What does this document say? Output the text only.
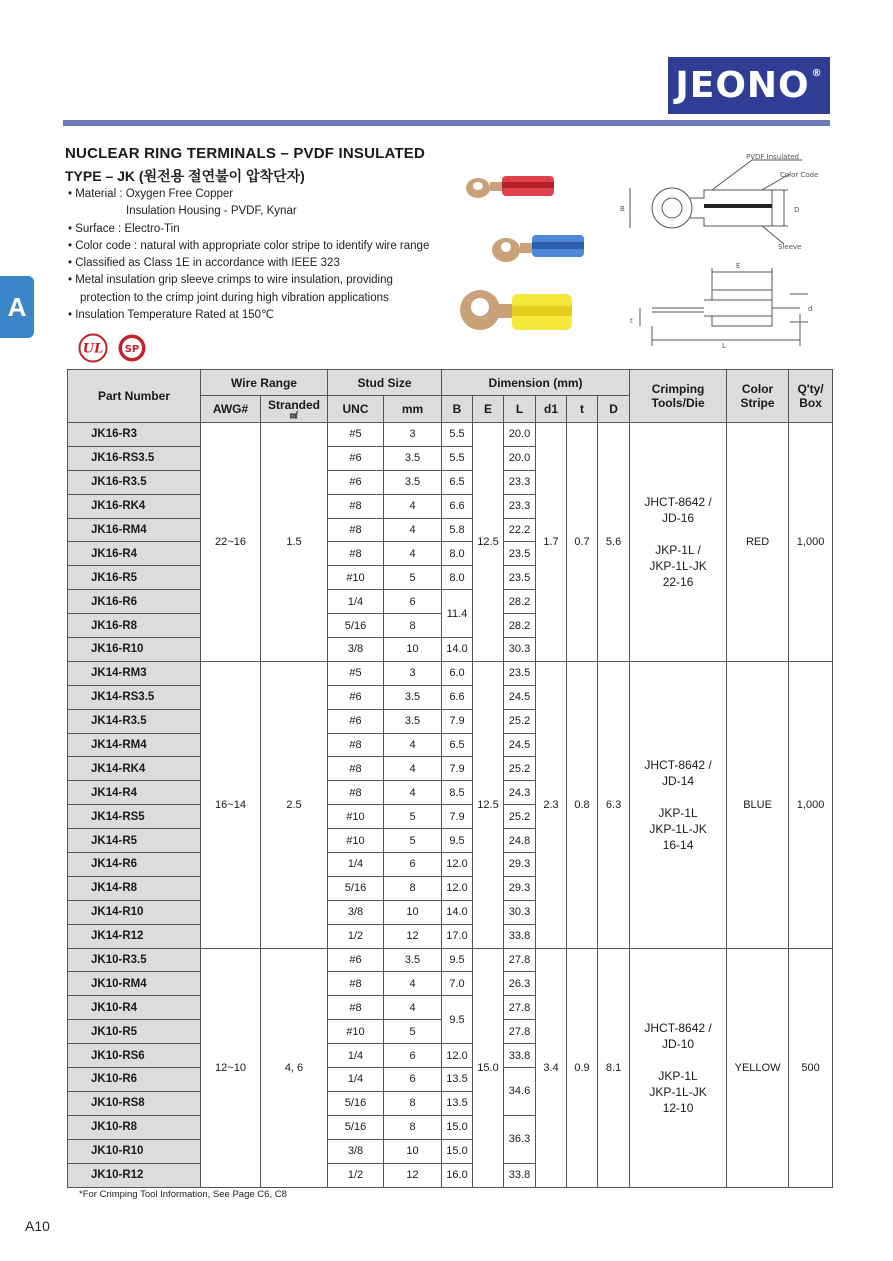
JEONO®
A
NUCLEAR RING TERMINALS – PVDF INSULATED
TYPE – JK (원전용 절연불이 압착단자)
• Material : Oxygen Free Copper
Insulation Housing - PVDF, Kynar
• Surface : Electro-Tin
• Color code : natural with appropriate color stripe to identify wire range
• Classified as Class 1E in accordance with IEEE 323
• Metal insulation grip sleeve crimps to wire insulation, providing
protection to the crimp joint during high vibration applications
• Insulation Temperature Rated at 150℃
UL SP
PVDF Insulated
Color Code
Sleeve
B	D
E
d
t
L
Part Number	Wire Range		Stud Size		Dimension (mm)						Crimping
Tools/Die	Color
Stripe	Q'ty/
Box
	AWG#	Stranded
㎟	UNC	mm	B	E	L	d1	t	D			
JK16-R3	22~16	1.5	#5	3	5.5	12.5	20.0	1.7	0.7	5.6	JHCT-8642 /
JD-16

JKP-1L /
JKP-1L-JK
22-16	RED	1,000
JK16-RS3.5			#6	3.5	5.5		20.0						
JK16-R3.5			#6	3.5	6.5		23.3						
JK16-RK4			#8	4	6.6		23.3						
JK16-RM4			#8	4	5.8		22.2						
JK16-R4			#8	4	8.0		23.5						
JK16-R5			#10	5	8.0		23.5						
JK16-R6			1/4	6	11.4		28.2						
JK16-R8			5/16	8			28.2						
JK16-R10			3/8	10	14.0		30.3						
JK14-RM3	16~14	2.5	#5	3	6.0	12.5	23.5	2.3	0.8	6.3	JHCT-8642 /
JD-14

JKP-1L
JKP-1L-JK
16-14	BLUE	1,000
JK14-RS3.5			#6	3.5	6.6		24.5						
JK14-R3.5			#6	3.5	7.9		25.2						
JK14-RM4			#8	4	6.5		24.5						
JK14-RK4			#8	4	7.9		25.2						
JK14-R4			#8	4	8.5		24.3						
JK14-RS5			#10	5	7.9		25.2						
JK14-R5			#10	5	9.5		24.8						
JK14-R6			1/4	6	12.0		29.3						
JK14-R8			5/16	8	12.0		29.3						
JK14-R10			3/8	10	14.0		30.3						
JK14-R12			1/2	12	17.0		33.8						
JK10-R3.5	12~10	4, 6	#6	3.5	9.5	15.0	27.8	3.4	0.9	8.1	JHCT-8642 /
JD-10

JKP-1L
JKP-1L-JK
12-10	YELLOW	500
JK10-RM4			#8	4	7.0		26.3						
JK10-R4			#8	4	9.5		27.8						
JK10-R5			#10	5			27.8						
JK10-RS6			1/4	6	12.0		33.8						
JK10-R6			1/4	6	13.5		34.6						
JK10-RS8			5/16	8	13.5								
JK10-R8			5/16	8	15.0		36.3						
JK10-R10			3/8	10	15.0								
JK10-R12			1/2	12	16.0		33.8						
*For Crimping Tool Information, See Page C6, C8
A10
